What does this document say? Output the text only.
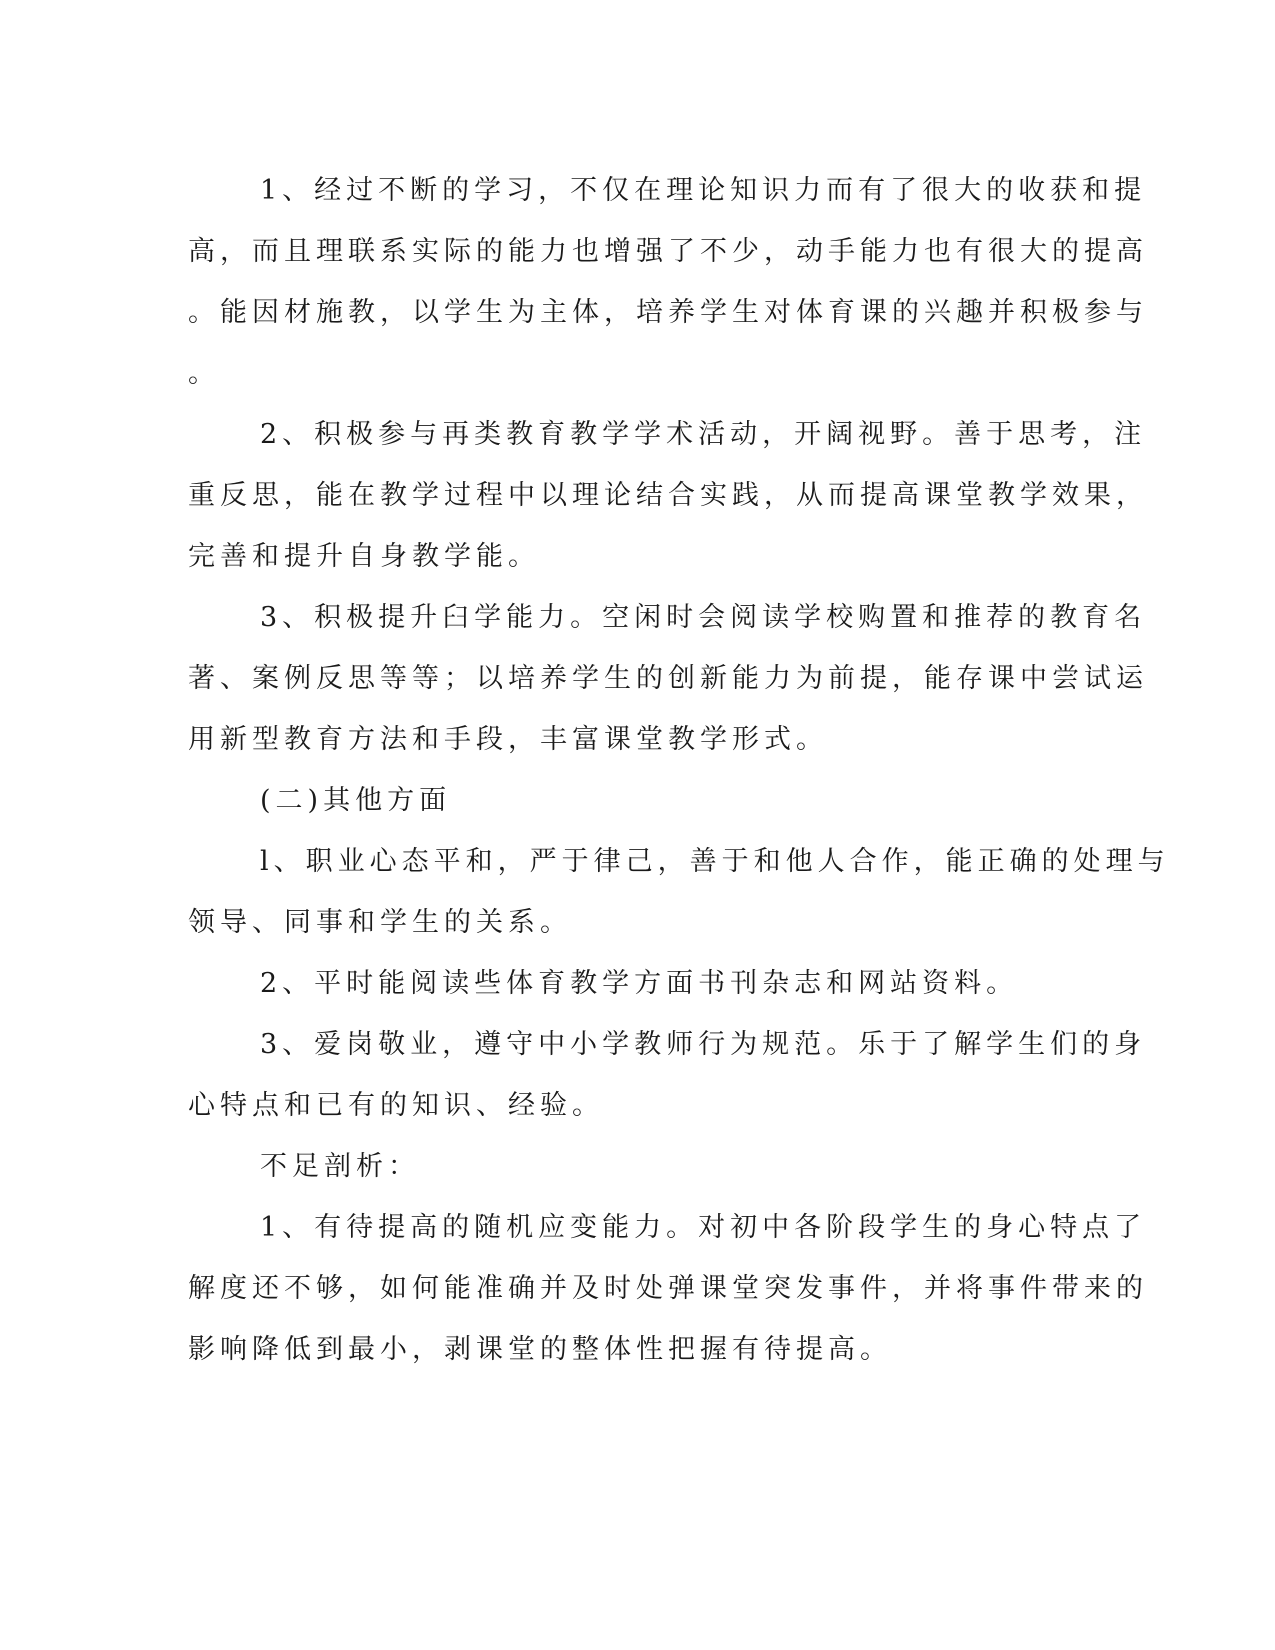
1、经过不断的学习，不仅在理论知识力而有了很大的收获和提
高，而且理联系实际的能力也增强了不少，动手能力也有很大的提高
。能因材施教，以学生为主体，培养学生对体育课的兴趣并积极参与
。
2、积极参与再类教育教学学术活动，开阔视野。善于思考，注
重反思，能在教学过程中以理论结合实践，从而提高课堂教学效果，
完善和提升自身教学能。
3、积极提升臼学能力。空闲时会阅读学校购置和推荐的教育名
著、案例反思等等；以培养学生的创新能力为前提，能存课中尝试运
用新型教育方法和手段，丰富课堂教学形式。
(二)其他方面
l、职业心态平和，严于律己，善于和他人合作，能正确的处理与
领导、同事和学生的关系。
2、平时能阅读些体育教学方面书刊杂志和网站资料。
3、爱岗敬业，遵守中小学教师行为规范。乐于了解学生们的身
心特点和已有的知识、经验。
不足剖析：
1、有待提高的随机应变能力。对初中各阶段学生的身心特点了
解度还不够，如何能准确并及时处弹课堂突发事件，并将事件带来的
影响降低到最小，剥课堂的整体性把握有待提高。
